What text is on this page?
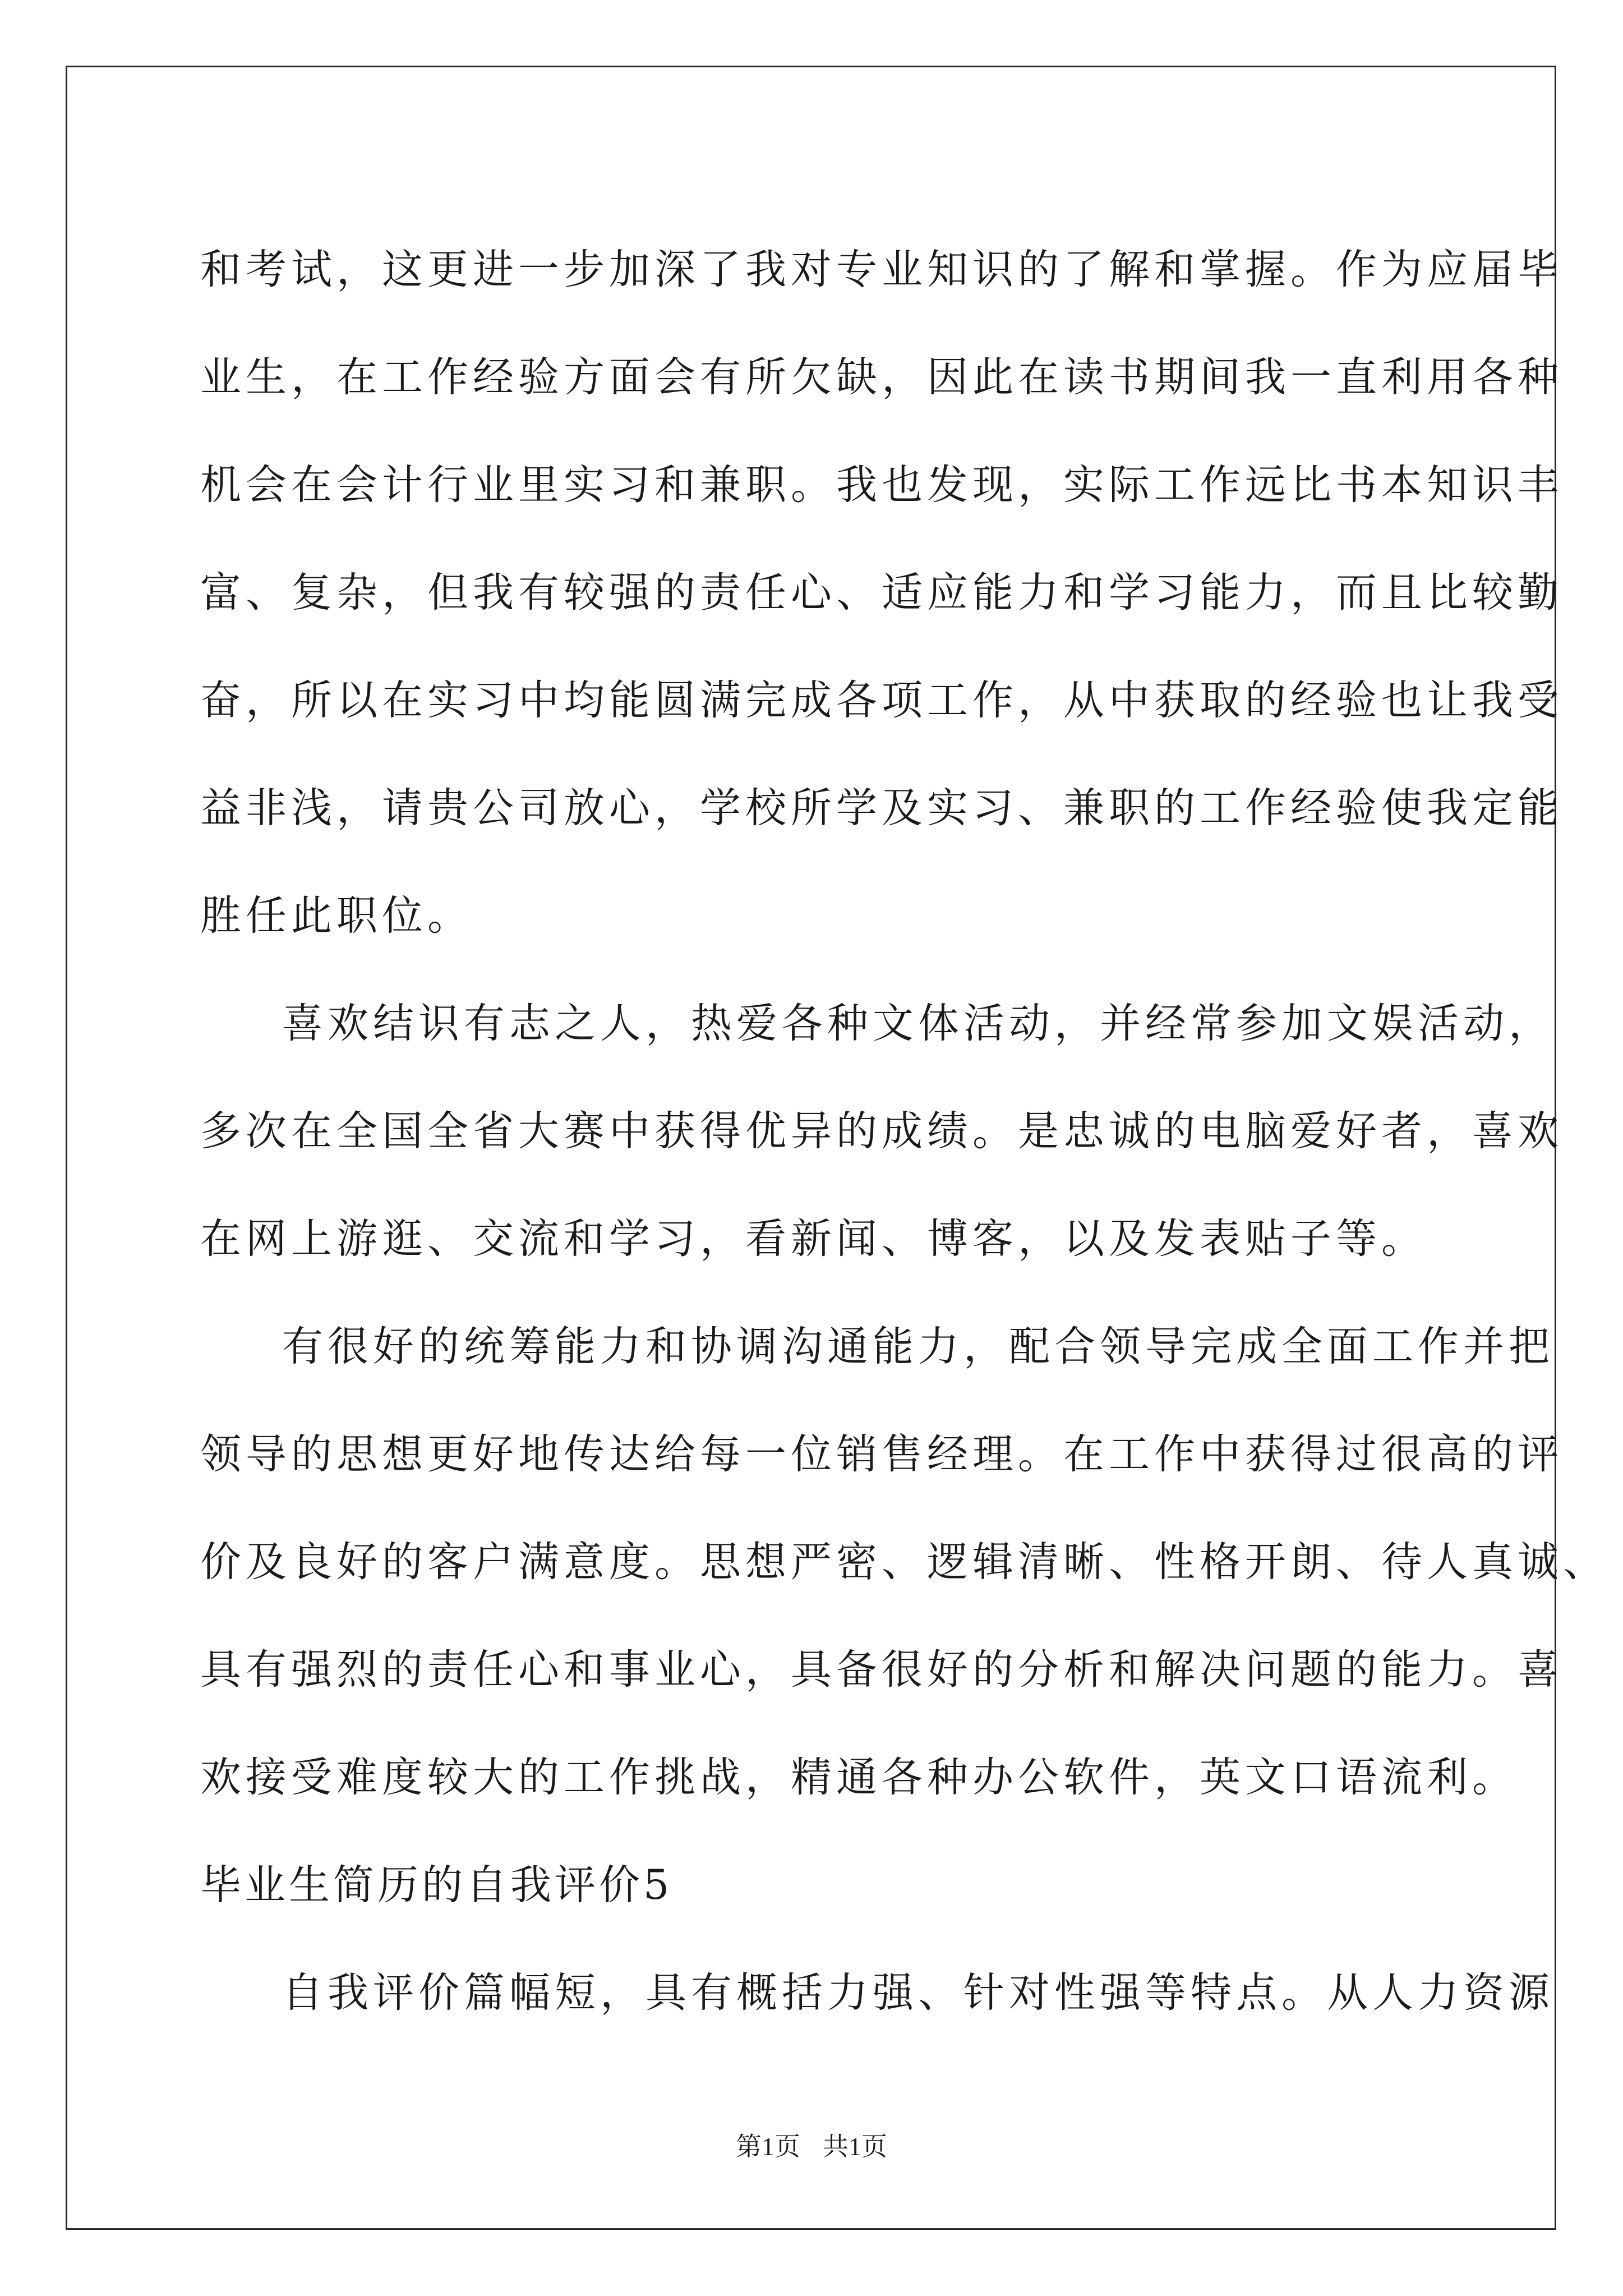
和考试，这更进一步加深了我对专业知识的了解和掌握。作为应届毕
业生，在工作经验方面会有所欠缺，因此在读书期间我一直利用各种
机会在会计行业里实习和兼职。我也发现，实际工作远比书本知识丰
富、复杂，但我有较强的责任心、适应能力和学习能力，而且比较勤
奋，所以在实习中均能圆满完成各项工作，从中获取的经验也让我受
益非浅，请贵公司放心，学校所学及实习、兼职的工作经验使我定能
胜任此职位。
喜欢结识有志之人，热爱各种文体活动，并经常参加文娱活动，
多次在全国全省大赛中获得优异的成绩。是忠诚的电脑爱好者，喜欢
在网上游逛、交流和学习，看新闻、博客，以及发表贴子等。
有很好的统筹能力和协调沟通能力，配合领导完成全面工作并把
领导的思想更好地传达给每一位销售经理。在工作中获得过很高的评
价及良好的客户满意度。思想严密、逻辑清晰、性格开朗、待人真诚、
具有强烈的责任心和事业心，具备很好的分析和解决问题的能力。喜
欢接受难度较大的工作挑战，精通各种办公软件，英文口语流利。
毕业生简历的自我评价5
自我评价篇幅短，具有概括力强、针对性强等特点。从人力资源
第1页 共1页
